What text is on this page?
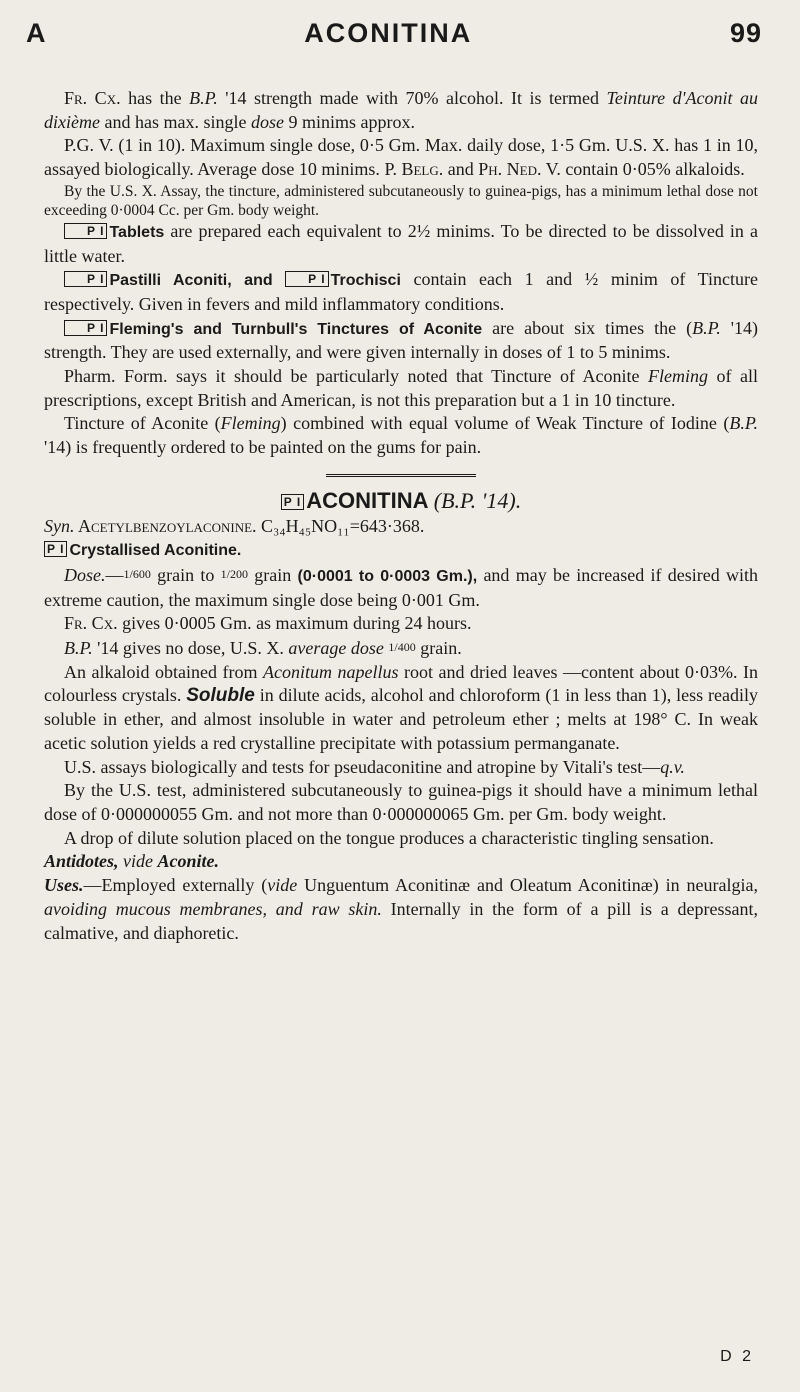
A	ACONITINA	99

Fr. Cx. has the B.P. '14 strength made with 70% alcohol. It is termed Teinture d'Aconit au dixième and has max. single dose 9 minims approx.

P.G. V. (1 in 10). Maximum single dose, 0·5 Gm. Max. daily dose, 1·5 Gm. U.S. X. has 1 in 10, assayed biologically. Average dose 10 minims. P. Belg. and Ph. Ned. V. contain 0·05% alkaloids.

By the U.S. X. Assay, the tincture, administered subcutaneously to guinea-pigs, has a minimum lethal dose not exceeding 0·0004 Cc. per Gm. body weight.

P I Tablets are prepared each equivalent to 2½ minims. To be directed to be dissolved in a little water.

P I Pastilli Aconiti, and P I Trochisci contain each 1 and ½ minim of Tincture respectively. Given in fevers and mild inflammatory conditions.

P I Fleming's and Turnbull's Tinctures of Aconite are about six times the (B.P. '14) strength. They are used externally, and were given internally in doses of 1 to 5 minims.

Pharm. Form. says it should be particularly noted that Tincture of Aconite Fleming of all prescriptions, except British and American, is not this preparation but a 1 in 10 tincture.

Tincture of Aconite (Fleming) combined with equal volume of Weak Tincture of Iodine (B.P. '14) is frequently ordered to be painted on the gums for pain.

P I ACONITINA (B.P. '14).

Syn. Acetylbenzoylaconine. C₃₄H₄₅NO₁₁=643·368.

P I Crystallised Aconitine.

Dose.—1/600 grain to 1/200 grain (0·0001 to 0·0003 Gm.), and may be increased if desired with extreme caution, the maximum single dose being 0·001 Gm.

Fr. Cx. gives 0·0005 Gm. as maximum during 24 hours.

B.P. '14 gives no dose, U.S. X. average dose 1/400 grain.

An alkaloid obtained from Aconitum napellus root and dried leaves —content about 0·03%. In colourless crystals. Soluble in dilute acids, alcohol and chloroform (1 in less than 1), less readily soluble in ether, and almost insoluble in water and petroleum ether ; melts at 198° C. In weak acetic solution yields a red crystalline precipitate with potassium permanganate.

U.S. assays biologically and tests for pseudaconitine and atropine by Vitali's test—q.v.

By the U.S. test, administered subcutaneously to guinea-pigs it should have a minimum lethal dose of 0·000000055 Gm. and not more than 0·000000065 Gm. per Gm. body weight.

A drop of dilute solution placed on the tongue produces a characteristic tingling sensation.

Antidotes, vide Aconite.

Uses.—Employed externally (vide Unguentum Aconitinæ and Oleatum Aconitinæ) in neuralgia, avoiding mucous membranes, and raw skin. Internally in the form of a pill is a depressant, calmative, and diaphoretic.

D 2
